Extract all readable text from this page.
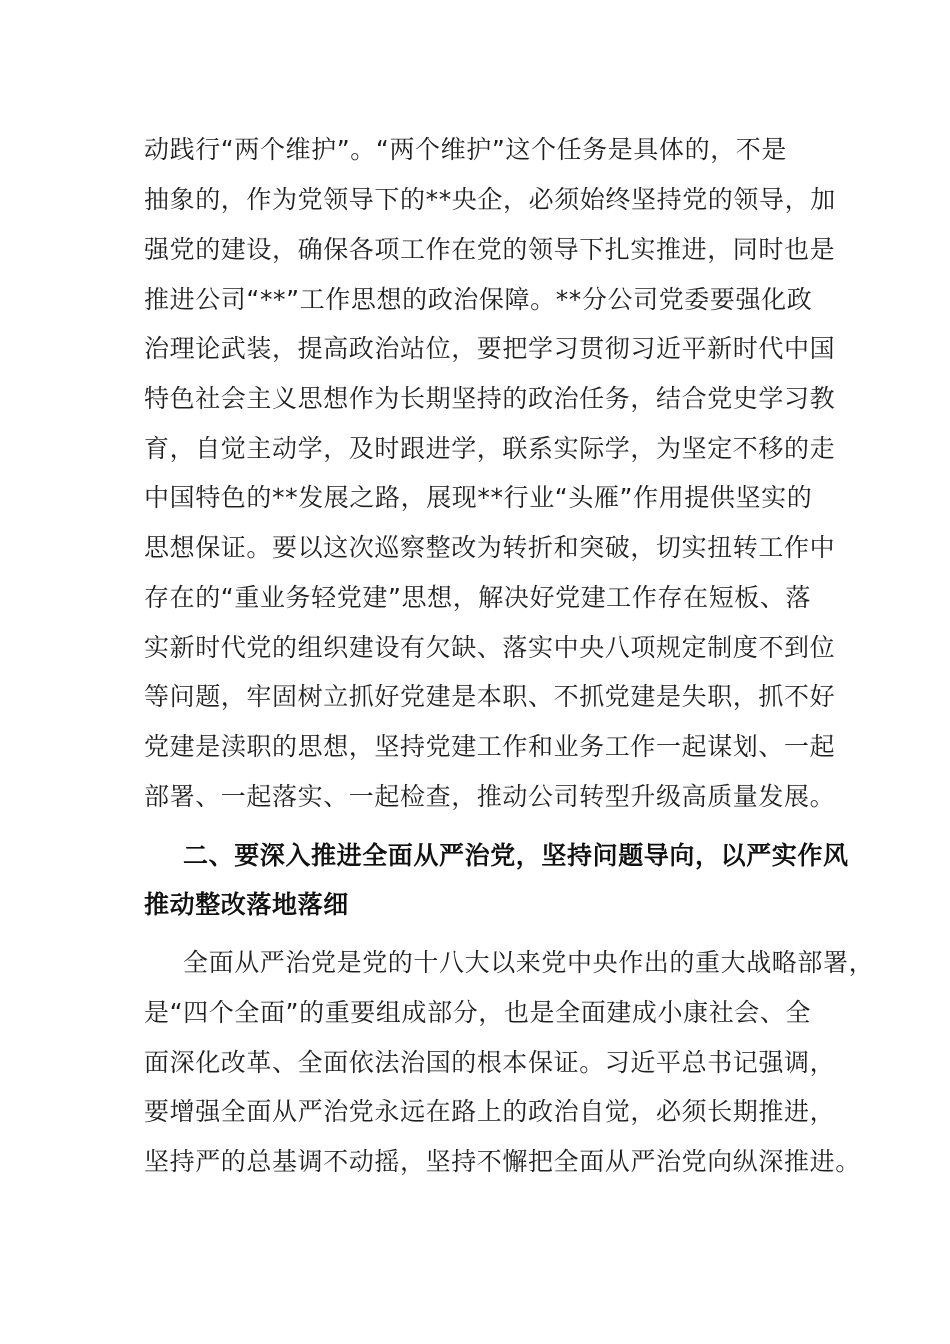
动践行“两个维护”。“两个维护”这个任务是具体的，不是
抽象的，作为党领导下的**央企，必须始终坚持党的领导，加
强党的建设，确保各项工作在党的领导下扎实推进，同时也是
推进公司“**”工作思想的政治保障。**分公司党委要强化政
治理论武装，提高政治站位，要把学习贯彻习近平新时代中国
特色社会主义思想作为长期坚持的政治任务，结合党史学习教
育，自觉主动学，及时跟进学，联系实际学，为坚定不移的走
中国特色的**发展之路，展现**行业“头雁”作用提供坚实的
思想保证。要以这次巡察整改为转折和突破，切实扭转工作中
存在的“重业务轻党建”思想，解决好党建工作存在短板、落
实新时代党的组织建设有欠缺、落实中央八项规定制度不到位
等问题，牢固树立抓好党建是本职、不抓党建是失职，抓不好
党建是渎职的思想，坚持党建工作和业务工作一起谋划、一起
部署、一起落实、一起检查，推动公司转型升级高质量发展。
二、要深入推进全面从严治党，坚持问题导向，以严实作风
推动整改落地落细
全面从严治党是党的十八大以来党中央作出的重大战略部署，
是“四个全面”的重要组成部分，也是全面建成小康社会、全
面深化改革、全面依法治国的根本保证。习近平总书记强调，
要增强全面从严治党永远在路上的政治自觉，必须长期推进，
坚持严的总基调不动摇，坚持不懈把全面从严治党向纵深推进。
